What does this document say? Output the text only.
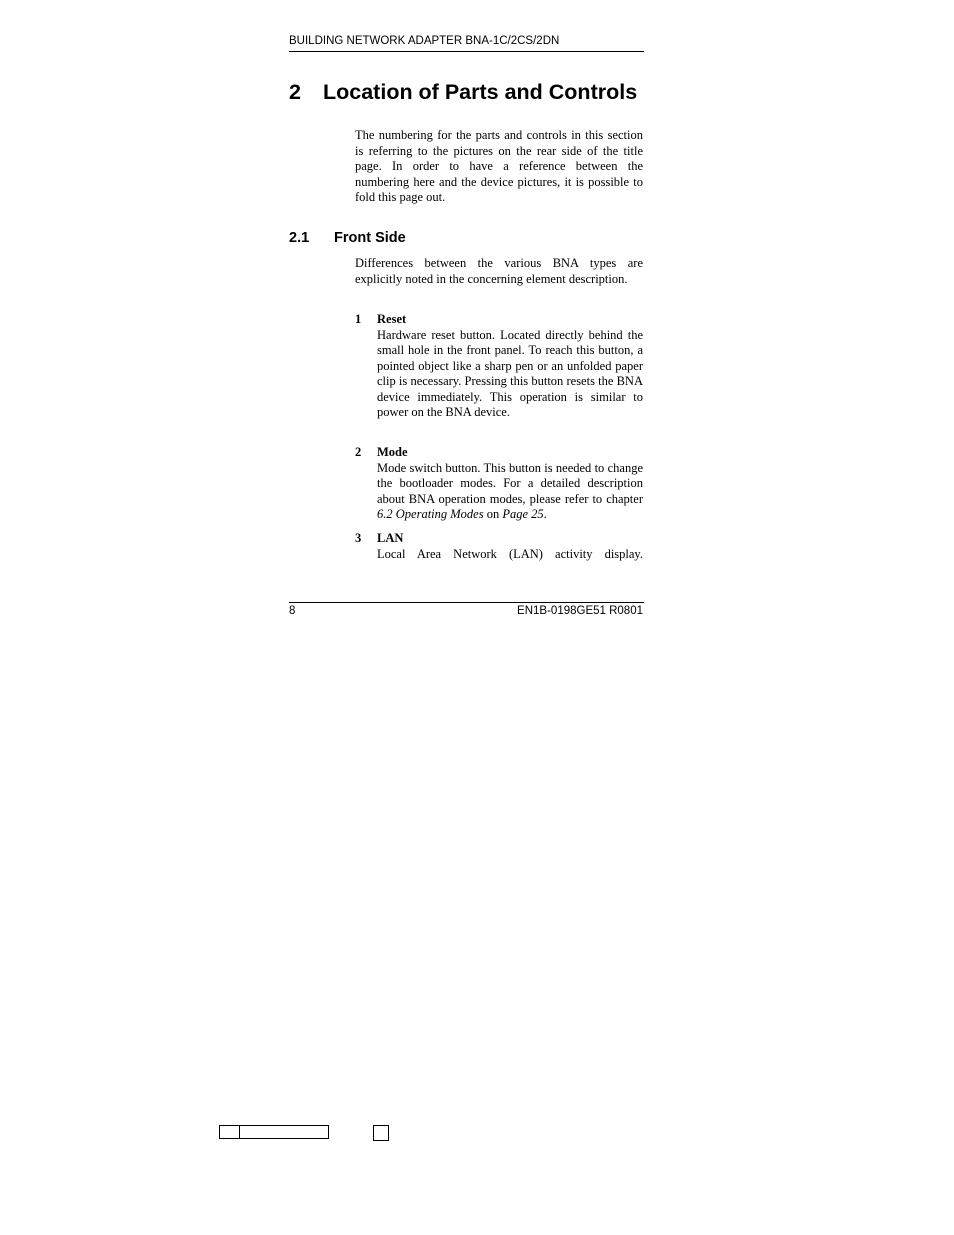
BUILDING NETWORK ADAPTER BNA-1C/2CS/2DN
2 Location of Parts and Controls

The numbering for the parts and controls in this section is referring to the pictures on the rear side of the title page. In order to have a reference between the numbering here and the device pictures, it is possible to fold this page out.

2.1 Front Side

Differences between the various BNA types are explicitly noted in the concerning element description.

1 Reset
Hardware reset button. Located directly behind the small hole in the front panel. To reach this button, a pointed object like a sharp pen or an unfolded paper clip is necessary. Pressing this button resets the BNA device immediately. This operation is similar to power on the BNA device.
2 Mode
Mode switch button. This button is needed to change the bootloader modes. For a detailed description about BNA operation modes, please refer to chapter 6.2 Operating Modes on Page 25.
3 LAN
Local Area Network (LAN) activity display.
8	EN1B-0198GE51 R0801
